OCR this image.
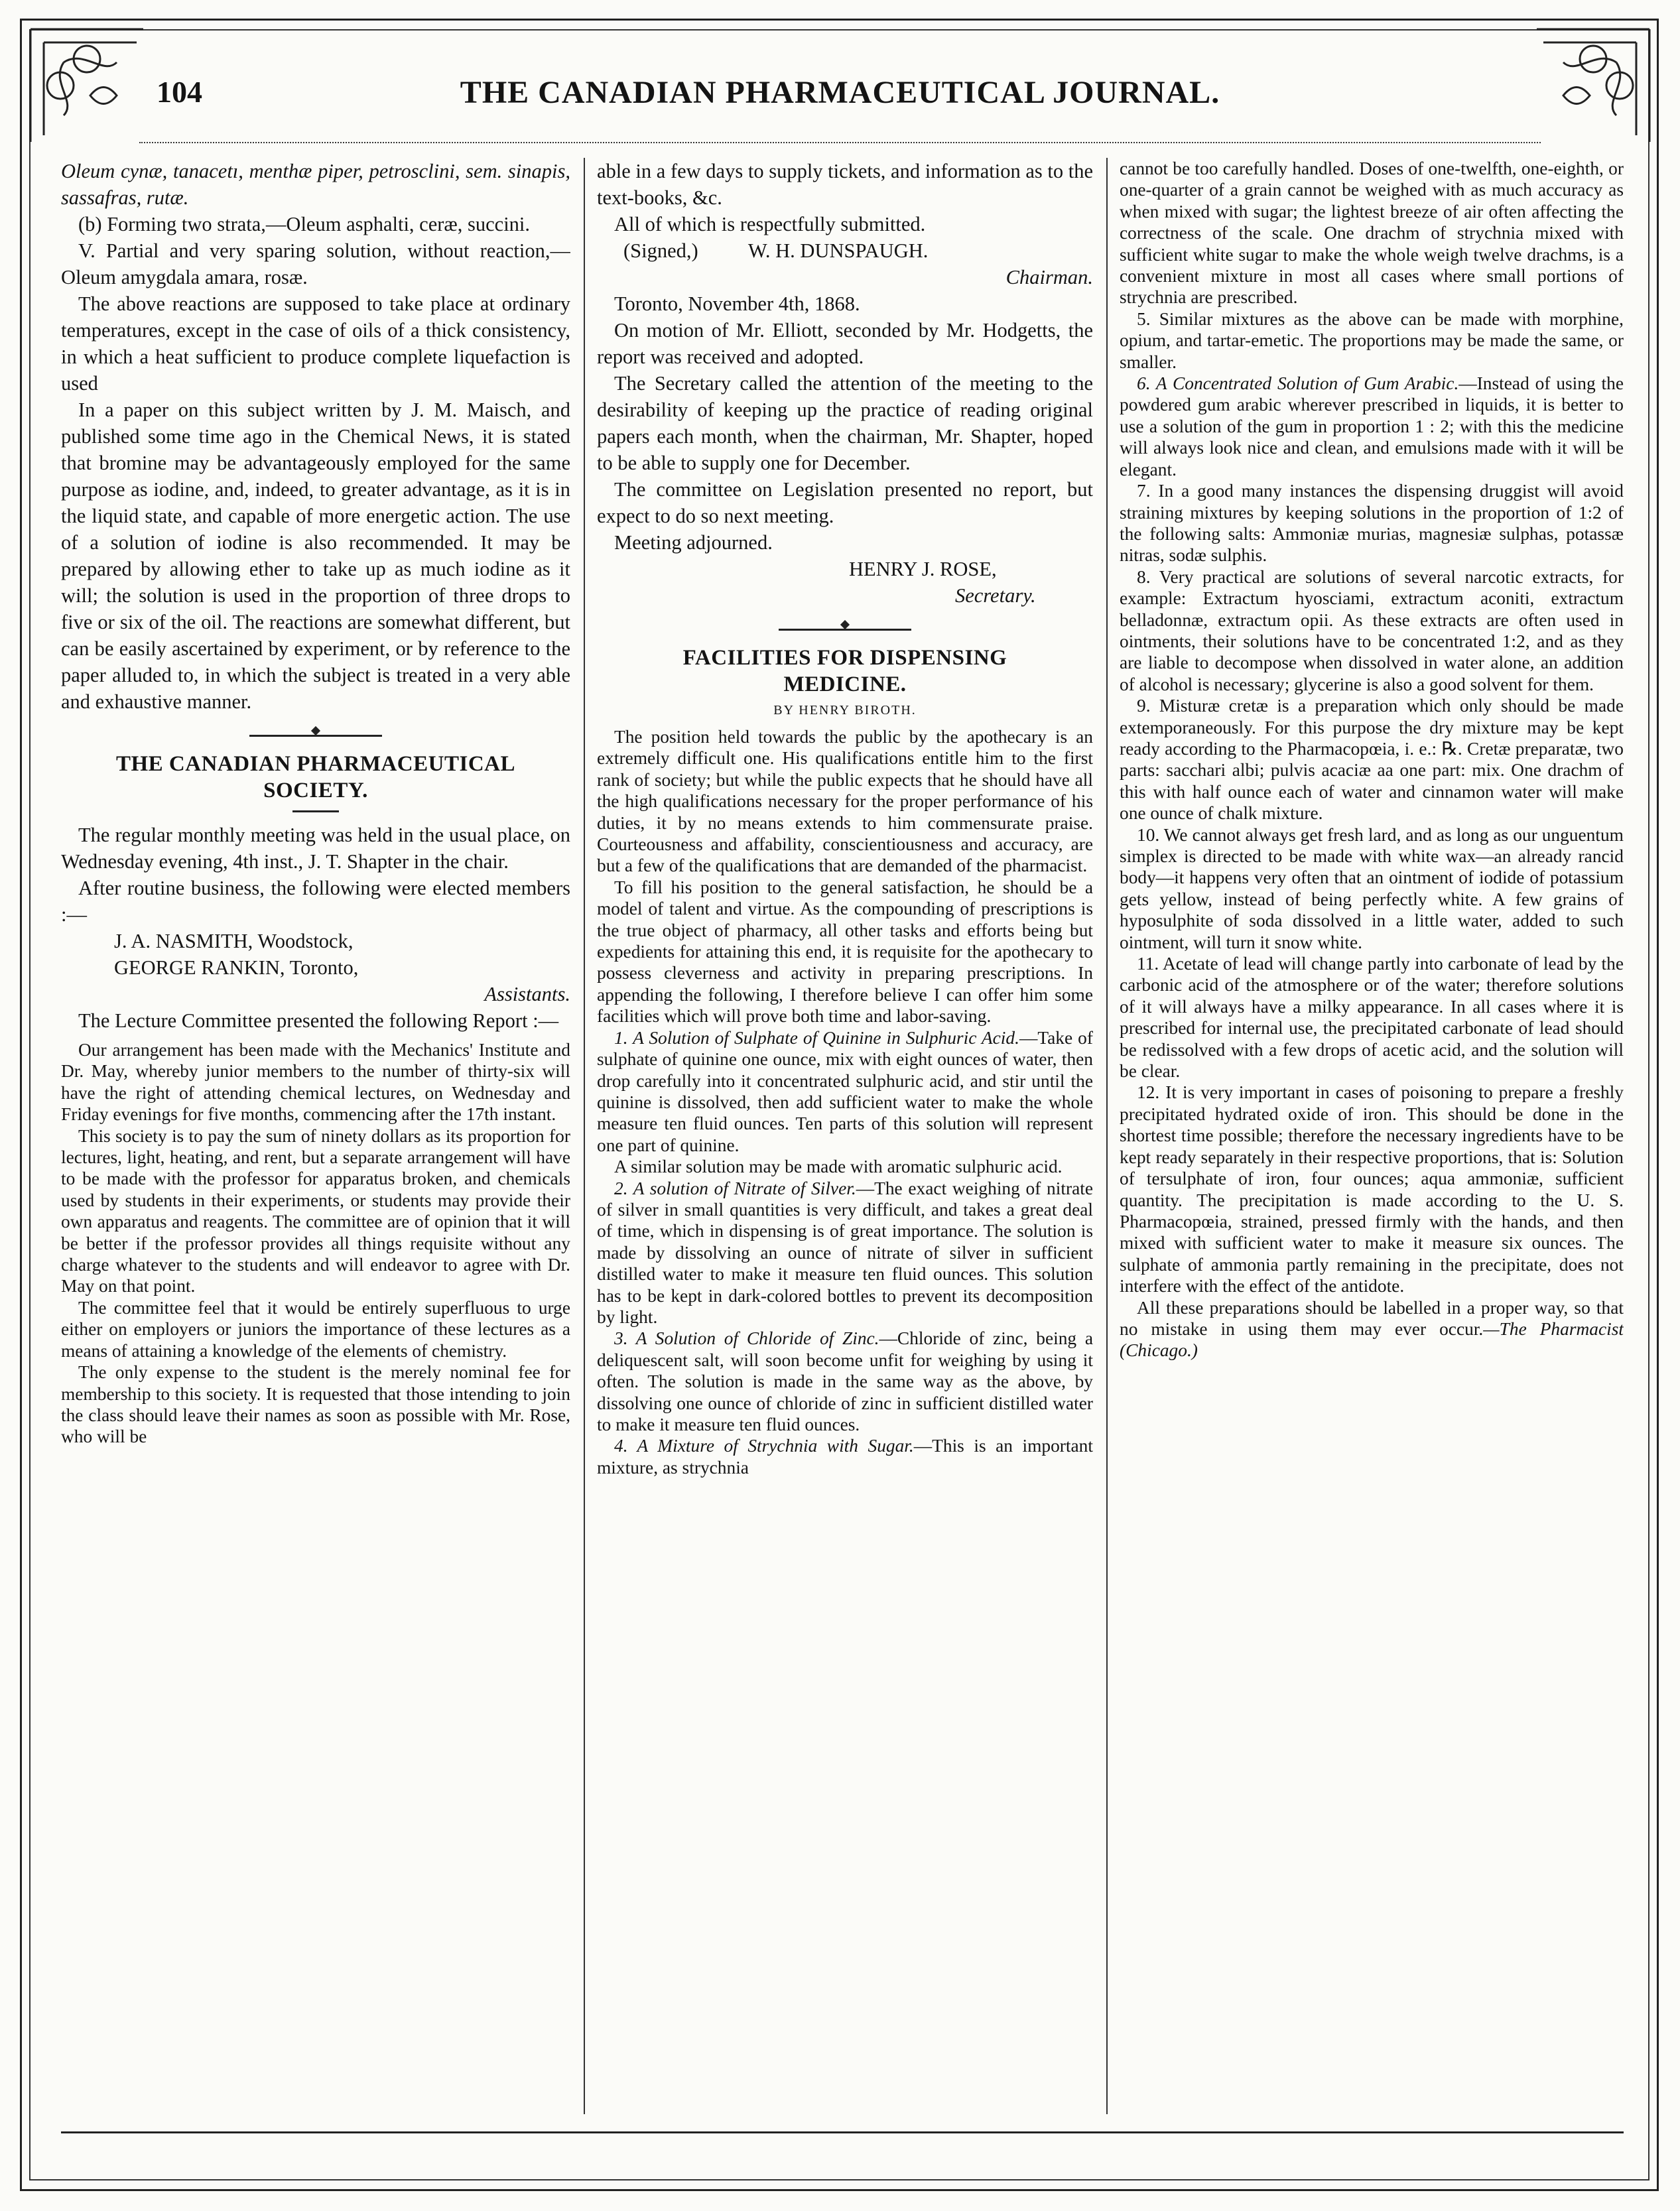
THE CANADIAN PHARMACEUTICAL JOURNAL.
104

Oleum cynæ, tanacetı, menthæ piper, petrosclini, sem. sinapis, sassafras, rutæ.

(b) Forming two strata,—Oleum asphalti, ceræ, succini.

V. Partial and very sparing solution, without reaction,—Oleum amygdala amara, rosæ.

The above reactions are supposed to take place at ordinary temperatures, except in the case of oils of a thick consistency, in which a heat sufficient to produce complete liquefaction is used

In a paper on this subject written by J. M. Maisch, and published some time ago in the Chemical News, it is stated that bromine may be advantageously employed for the same purpose as iodine, and, indeed, to greater advantage, as it is in the liquid state, and capable of more energetic action. The use of a solution of iodine is also recommended. It may be prepared by allowing ether to take up as much iodine as it will; the solution is used in the proportion of three drops to five or six of the oil. The reactions are somewhat different, but can be easily ascertained by experiment, or by reference to the paper alluded to, in which the subject is treated in a very able and exhaustive manner.

THE CANADIAN PHARMACEUTICAL SOCIETY.

The regular monthly meeting was held in the usual place, on Wednesday evening, 4th inst., J. T. Shapter in the chair.

After routine business, the following were elected members :—

J. A. NASMITH, Woodstock,
GEORGE RANKIN, Toronto,
Assistants.

The Lecture Committee presented the following Report :—

Our arrangement has been made with the Mechanics' Institute and Dr. May, whereby junior members to the number of thirty-six will have the right of attending chemical lectures, on Wednesday and Friday evenings for five months, commencing after the 17th instant.

This society is to pay the sum of ninety dollars as its proportion for lectures, light, heating, and rent, but a separate arrangement will have to be made with the professor for apparatus broken, and chemicals used by students in their experiments, or students may provide their own apparatus and reagents. The committee are of opinion that it will be better if the professor provides all things requisite without any charge whatever to the students and will endeavor to agree with Dr. May on that point.

The committee feel that it would be entirely superfluous to urge either on employers or juniors the importance of these lectures as a means of attaining a knowledge of the elements of chemistry.

The only expense to the student is the merely nominal fee for membership to this society. It is requested that those intending to join the class should leave their names as soon as possible with Mr. Rose, who will be

able in a few days to supply tickets, and information as to the text-books, &c.

All of which is respectfully submitted.

(Signed,) W. H. DUNSPAUGH.
Chairman.

Toronto, November 4th, 1868.

On motion of Mr. Elliott, seconded by Mr. Hodgetts, the report was received and adopted.

The Secretary called the attention of the meeting to the desirability of keeping up the practice of reading original papers each month, when the chairman, Mr. Shapter, hoped to be able to supply one for December.

The committee on Legislation presented no report, but expect to do so next meeting.

Meeting adjourned.

HENRY J. ROSE,
Secretary.
FACILITIES FOR DISPENSING
MEDICINE.
BY HENRY BIROTH.

The position held towards the public by the apothecary is an extremely difficult one. His qualifications entitle him to the first rank of society; but while the public expects that he should have all the high qualifications necessary for the proper performance of his duties, it by no means extends to him commensurate praise. Courteousness and affability, conscientiousness and accuracy, are but a few of the qualifications that are demanded of the pharmacist.

To fill his position to the general satisfaction, he should be a model of talent and virtue. As the compounding of prescriptions is the true object of pharmacy, all other tasks and efforts being but expedients for attaining this end, it is requisite for the apothecary to possess cleverness and activity in preparing prescriptions. In appending the following, I therefore believe I can offer him some facilities which will prove both time and labor-saving.

1. A Solution of Sulphate of Quinine in Sulphuric Acid.—Take of sulphate of quinine one ounce, mix with eight ounces of water, then drop carefully into it concentrated sulphuric acid, and stir until the quinine is dissolved, then add sufficient water to make the whole measure ten fluid ounces. Ten parts of this solution will represent one part of quinine.

A similar solution may be made with aromatic sulphuric acid.

2. A solution of Nitrate of Silver.—The exact weighing of nitrate of silver in small quantities is very difficult, and takes a great deal of time, which in dispensing is of great importance. The solution is made by dissolving an ounce of nitrate of silver in sufficient distilled water to make it measure ten fluid ounces. This solution has to be kept in dark-colored bottles to prevent its decomposition by light.

3. A Solution of Chloride of Zinc.—Chloride of zinc, being a deliquescent salt, will soon become unfit for weighing by using it often. The solution is made in the same way as the above, by dissolving one ounce of chloride of zinc in sufficient distilled water to make it measure ten fluid ounces.

4. A Mixture of Strychnia with Sugar.—This is an important mixture, as strychnia

cannot be too carefully handled. Doses of one-twelfth, one-eighth, or one-quarter of a grain cannot be weighed with as much accuracy as when mixed with sugar; the lightest breeze of air often affecting the correctness of the scale. One drachm of strychnia mixed with sufficient white sugar to make the whole weigh twelve drachms, is a convenient mixture in most all cases where small portions of strychnia are prescribed.

5. Similar mixtures as the above can be made with morphine, opium, and tartar-emetic. The proportions may be made the same, or smaller.

6. A Concentrated Solution of Gum Arabic.—Instead of using the powdered gum arabic wherever prescribed in liquids, it is better to use a solution of the gum in proportion 1 : 2; with this the medicine will always look nice and clean, and emulsions made with it will be elegant.

7. In a good many instances the dispensing druggist will avoid straining mixtures by keeping solutions in the proportion of 1:2 of the following salts: Ammoniæ murias, magnesiæ sulphas, potassæ nitras, sodæ sulphis.

8. Very practical are solutions of several narcotic extracts, for example: Extractum hyosciami, extractum aconiti, extractum belladonnæ, extractum opii. As these extracts are often used in ointments, their solutions have to be concentrated 1:2, and as they are liable to decompose when dissolved in water alone, an addition of alcohol is necessary; glycerine is also a good solvent for them.

9. Misturæ cretæ is a preparation which only should be made extemporaneously. For this purpose the dry mixture may be kept ready according to the Pharmacopœia, i. e.: ℞. Cretæ preparatæ, two parts: sacchari albi; pulvis acaciæ aa one part: mix. One drachm of this with half ounce each of water and cinnamon water will make one ounce of chalk mixture.

10. We cannot always get fresh lard, and as long as our unguentum simplex is directed to be made with white wax—an already rancid body—it happens very often that an ointment of iodide of potassium gets yellow, instead of being perfectly white. A few grains of hyposulphite of soda dissolved in a little water, added to such ointment, will turn it snow white.

11. Acetate of lead will change partly into carbonate of lead by the carbonic acid of the atmosphere or of the water; therefore solutions of it will always have a milky appearance. In all cases where it is prescribed for internal use, the precipitated carbonate of lead should be redissolved with a few drops of acetic acid, and the solution will be clear.

12. It is very important in cases of poisoning to prepare a freshly precipitated hydrated oxide of iron. This should be done in the shortest time possible; therefore the necessary ingredients have to be kept ready separately in their respective proportions, that is: Solution of tersulphate of iron, four ounces; aqua ammoniæ, sufficient quantity. The precipitation is made according to the U. S. Pharmacopœia, strained, pressed firmly with the hands, and then mixed with sufficient water to make it measure six ounces. The sulphate of ammonia partly remaining in the precipitate, does not interfere with the effect of the antidote.

All these preparations should be labelled in a proper way, so that no mistake in using them may ever occur.—The Pharmacist (Chicago.)
